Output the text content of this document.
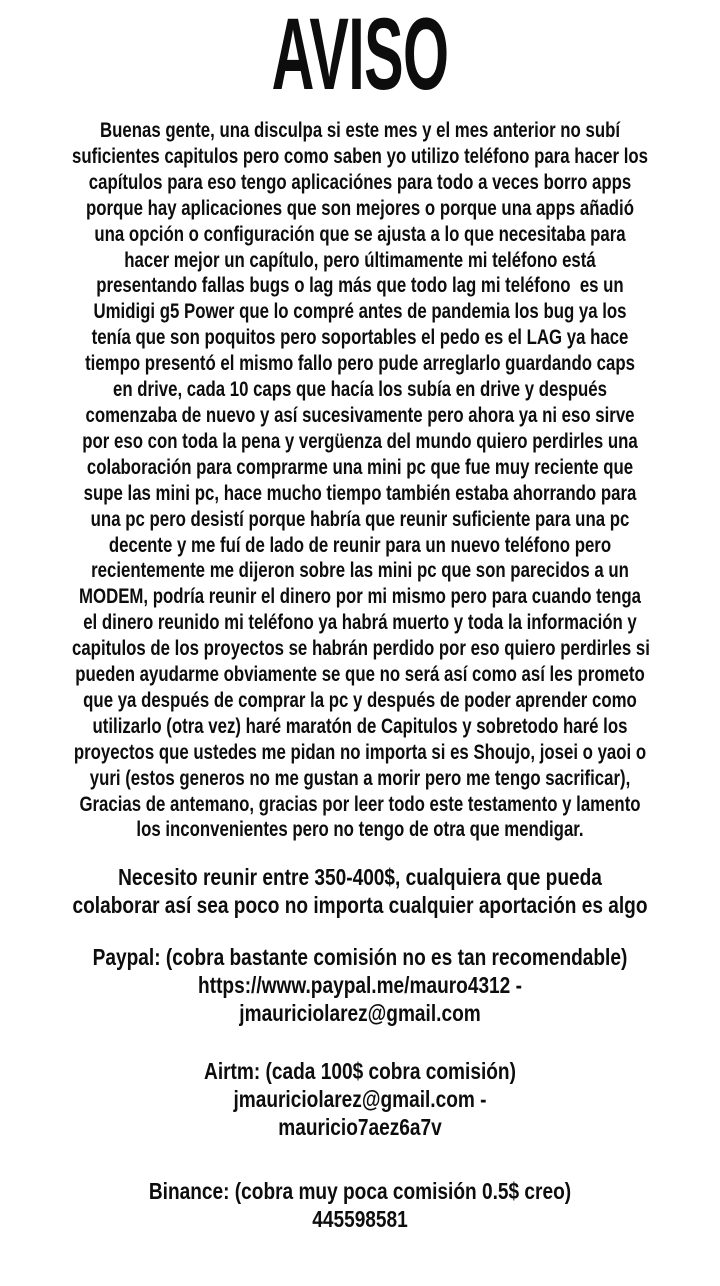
AVISO
Buenas gente, una disculpa si este mes y el mes anterior no subí
suficientes capitulos pero como saben yo utilizo teléfono para hacer los
capítulos para eso tengo aplicaciónes para todo a veces borro apps
porque hay aplicaciones que son mejores o porque una apps añadió
una opción o configuración que se ajusta a lo que necesitaba para
hacer mejor un capítulo, pero últimamente mi teléfono está
presentando fallas bugs o lag más que todo lag mi teléfono  es un
Umidigi g5 Power que lo compré antes de pandemia los bug ya los
tenía que son poquitos pero soportables el pedo es el LAG ya hace
tiempo presentó el mismo fallo pero pude arreglarlo guardando caps
en drive, cada 10 caps que hacía los subía en drive y después
comenzaba de nuevo y así sucesivamente pero ahora ya ni eso sirve
por eso con toda la pena y vergüenza del mundo quiero perdirles una
colaboración para comprarme una mini pc que fue muy reciente que
supe las mini pc, hace mucho tiempo también estaba ahorrando para
una pc pero desistí porque habría que reunir suficiente para una pc
decente y me fuí de lado de reunir para un nuevo teléfono pero
recientemente me dijeron sobre las mini pc que son parecidos a un
MODEM, podría reunir el dinero por mi mismo pero para cuando tenga
el dinero reunido mi teléfono ya habrá muerto y toda la información y
capitulos de los proyectos se habrán perdido por eso quiero perdirles si
pueden ayudarme obviamente se que no será así como así les prometo
que ya después de comprar la pc y después de poder aprender como
utilizarlo (otra vez) haré maratón de Capitulos y sobretodo haré los
proyectos que ustedes me pidan no importa si es Shoujo, josei o yaoi o
yuri (estos generos no me gustan a morir pero me tengo sacrificar),
Gracias de antemano, gracias por leer todo este testamento y lamento
los inconvenientes pero no tengo de otra que mendigar.
Necesito reunir entre 350-400$, cualquiera que pueda
colaborar así sea poco no importa cualquier aportación es algo
Paypal: (cobra bastante comisión no es tan recomendable)
https://www.paypal.me/mauro4312 -
jmauriciolarez@gmail.com
Airtm: (cada 100$ cobra comisión)
jmauriciolarez@gmail.com -
mauricio7aez6a7v
Binance: (cobra muy poca comisión 0.5$ creo)
445598581
